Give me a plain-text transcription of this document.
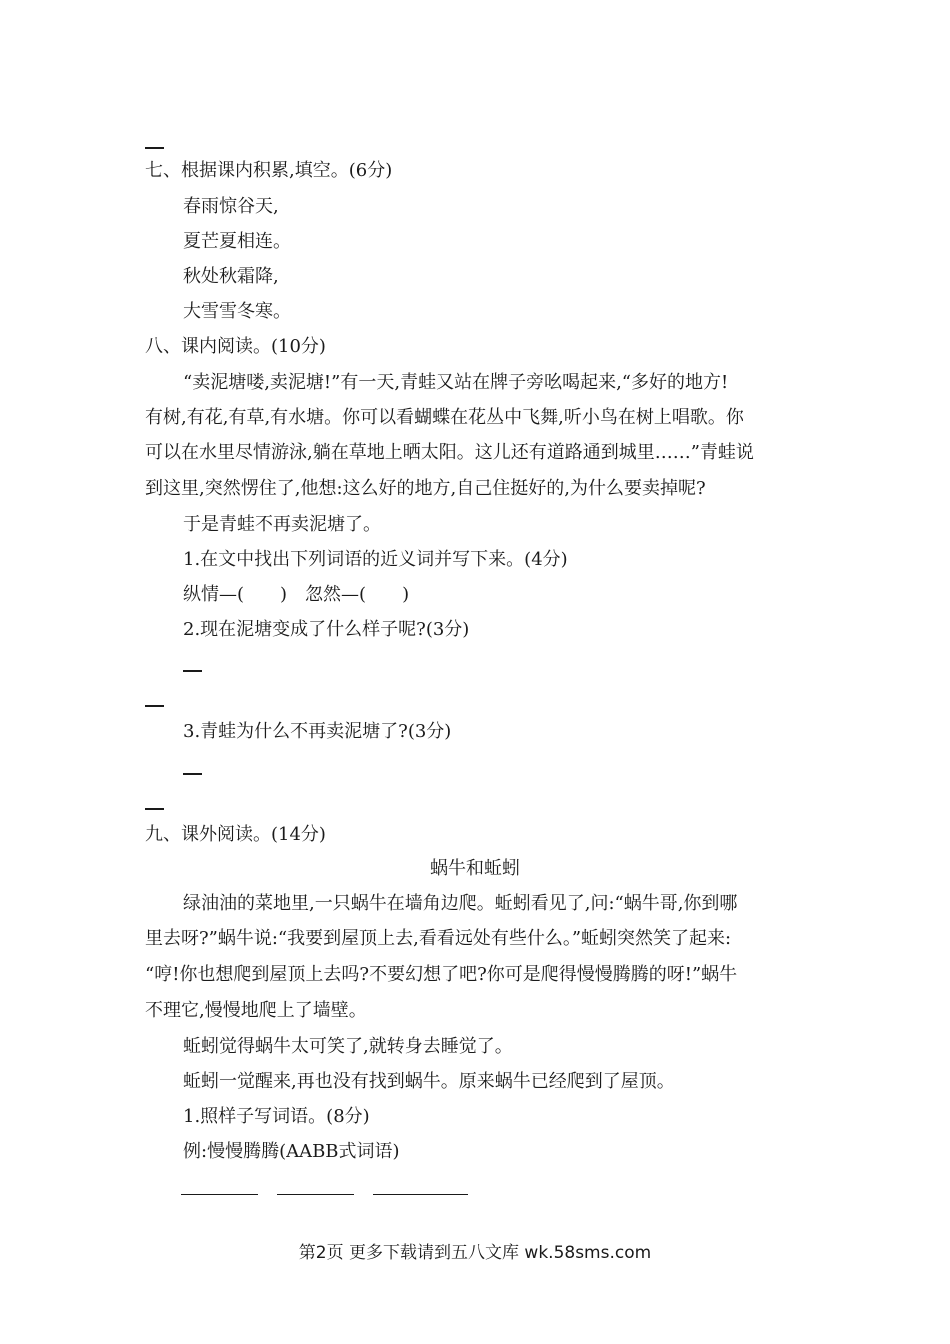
七、根据课内积累,填空。(6分)
春雨惊谷天,
夏芒夏相连。
秋处秋霜降,
大雪雪冬寒。
八、课内阅读。(10分)
“卖泥塘喽,卖泥塘!”有一天,青蛙又站在牌子旁吆喝起来,“多好的地方!
有树,有花,有草,有水塘。你可以看蝴蝶在花丛中飞舞,听小鸟在树上唱歌。你
可以在水里尽情游泳,躺在草地上晒太阳。这儿还有道路通到城里……”青蛙说
到这里,突然愣住了,他想:这么好的地方,自己住挺好的,为什么要卖掉呢?
于是青蛙不再卖泥塘了。
1.在文中找出下列词语的近义词并写下来。(4分)
纵情—(　　)　忽然—(　　)
2.现在泥塘变成了什么样子呢?(3分)
3.青蛙为什么不再卖泥塘了?(3分)
九、课外阅读。(14分)
蜗牛和蚯蚓
绿油油的菜地里,一只蜗牛在墙角边爬。蚯蚓看见了,问:“蜗牛哥,你到哪
里去呀?”蜗牛说:“我要到屋顶上去,看看远处有些什么。”蚯蚓突然笑了起来:
“哼!你也想爬到屋顶上去吗?不要幻想了吧?你可是爬得慢慢腾腾的呀!”蜗牛
不理它,慢慢地爬上了墙壁。
蚯蚓觉得蜗牛太可笑了,就转身去睡觉了。
蚯蚓一觉醒来,再也没有找到蜗牛。原来蜗牛已经爬到了屋顶。
1.照样子写词语。(8分)
例:慢慢腾腾(AABB式词语)
第2页 更多下载请到五八文库 wk.58sms.com
